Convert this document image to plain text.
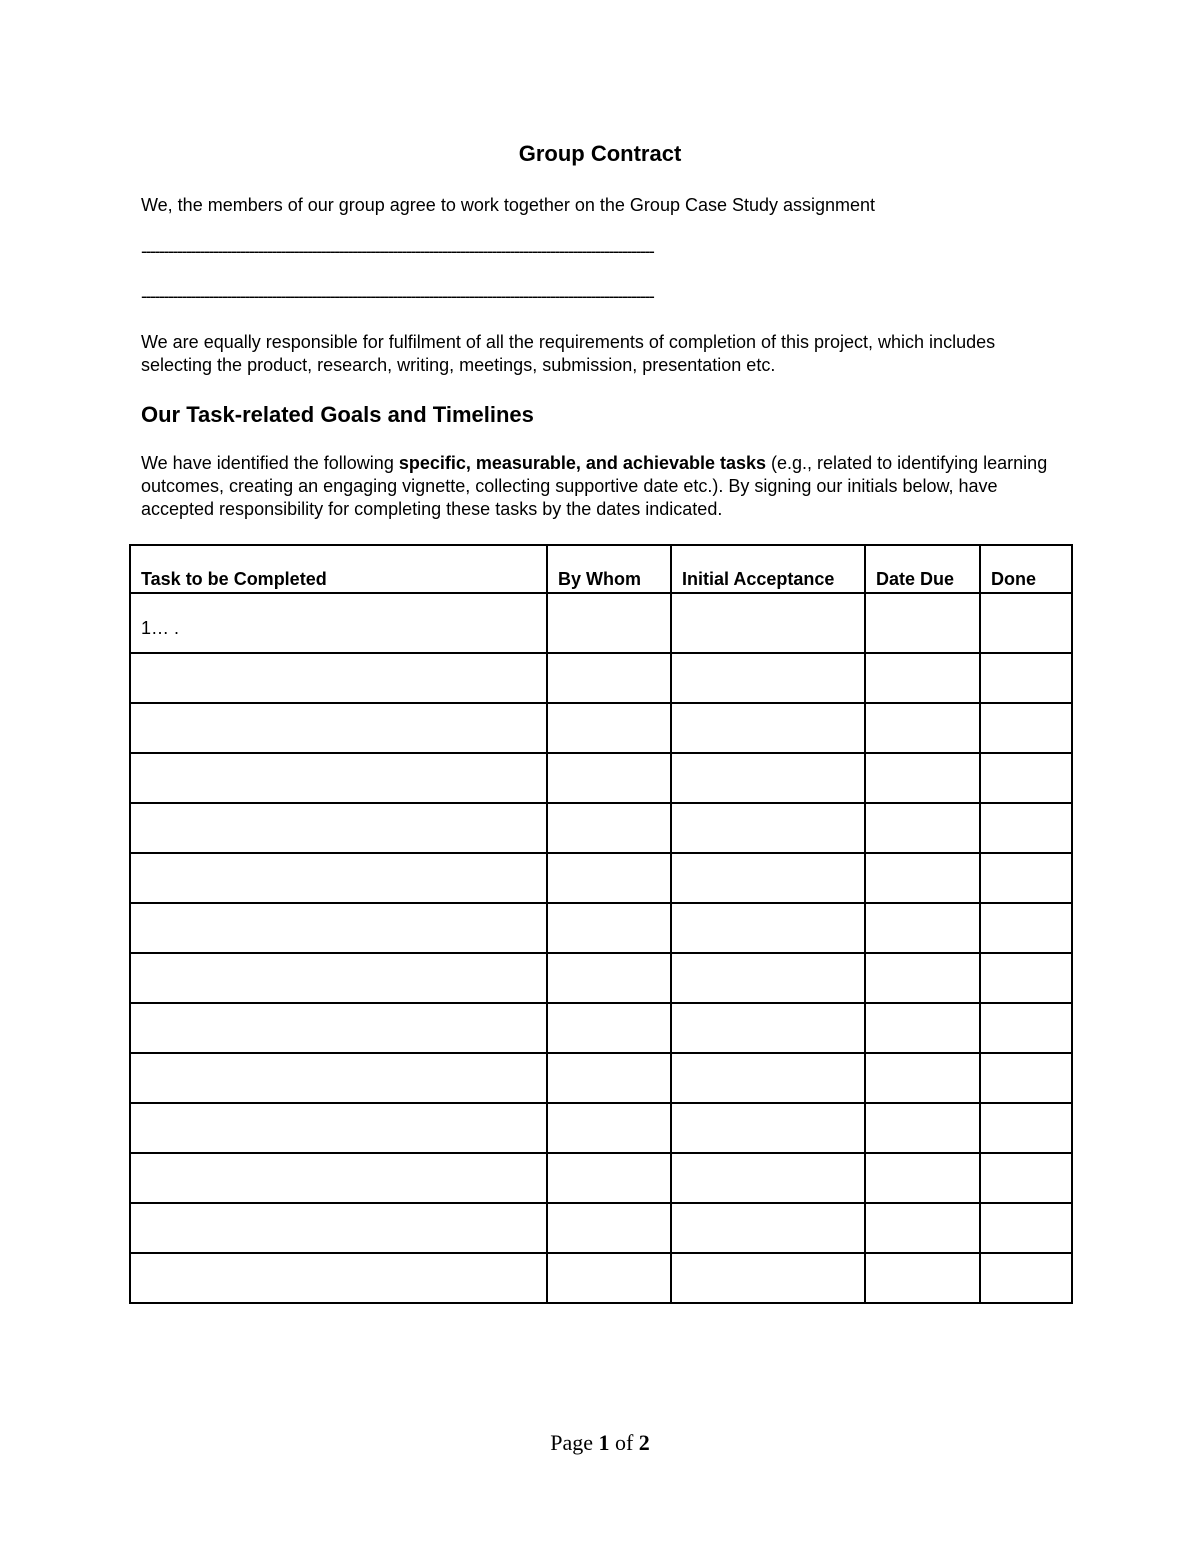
Group Contract
We, the members of our group agree to work together on the Group Case Study assignment
------------------------------------------------------------------------------------------------------------------
------------------------------------------------------------------------------------------------------------------
We are equally responsible for fulfilment of all the requirements of completion of this project, which includes selecting the product, research, writing, meetings, submission, presentation etc.
Our Task-related Goals and Timelines
We have identified the following specific, measurable, and achievable tasks (e.g., related to identifying learning outcomes, creating an engaging vignette, collecting supportive date etc.). By signing our initials below, have accepted responsibility for completing these tasks by the dates indicated.
Task to be Completed	By Whom	Initial Acceptance	Date Due	Done
1… .				

Page 1 of 2
